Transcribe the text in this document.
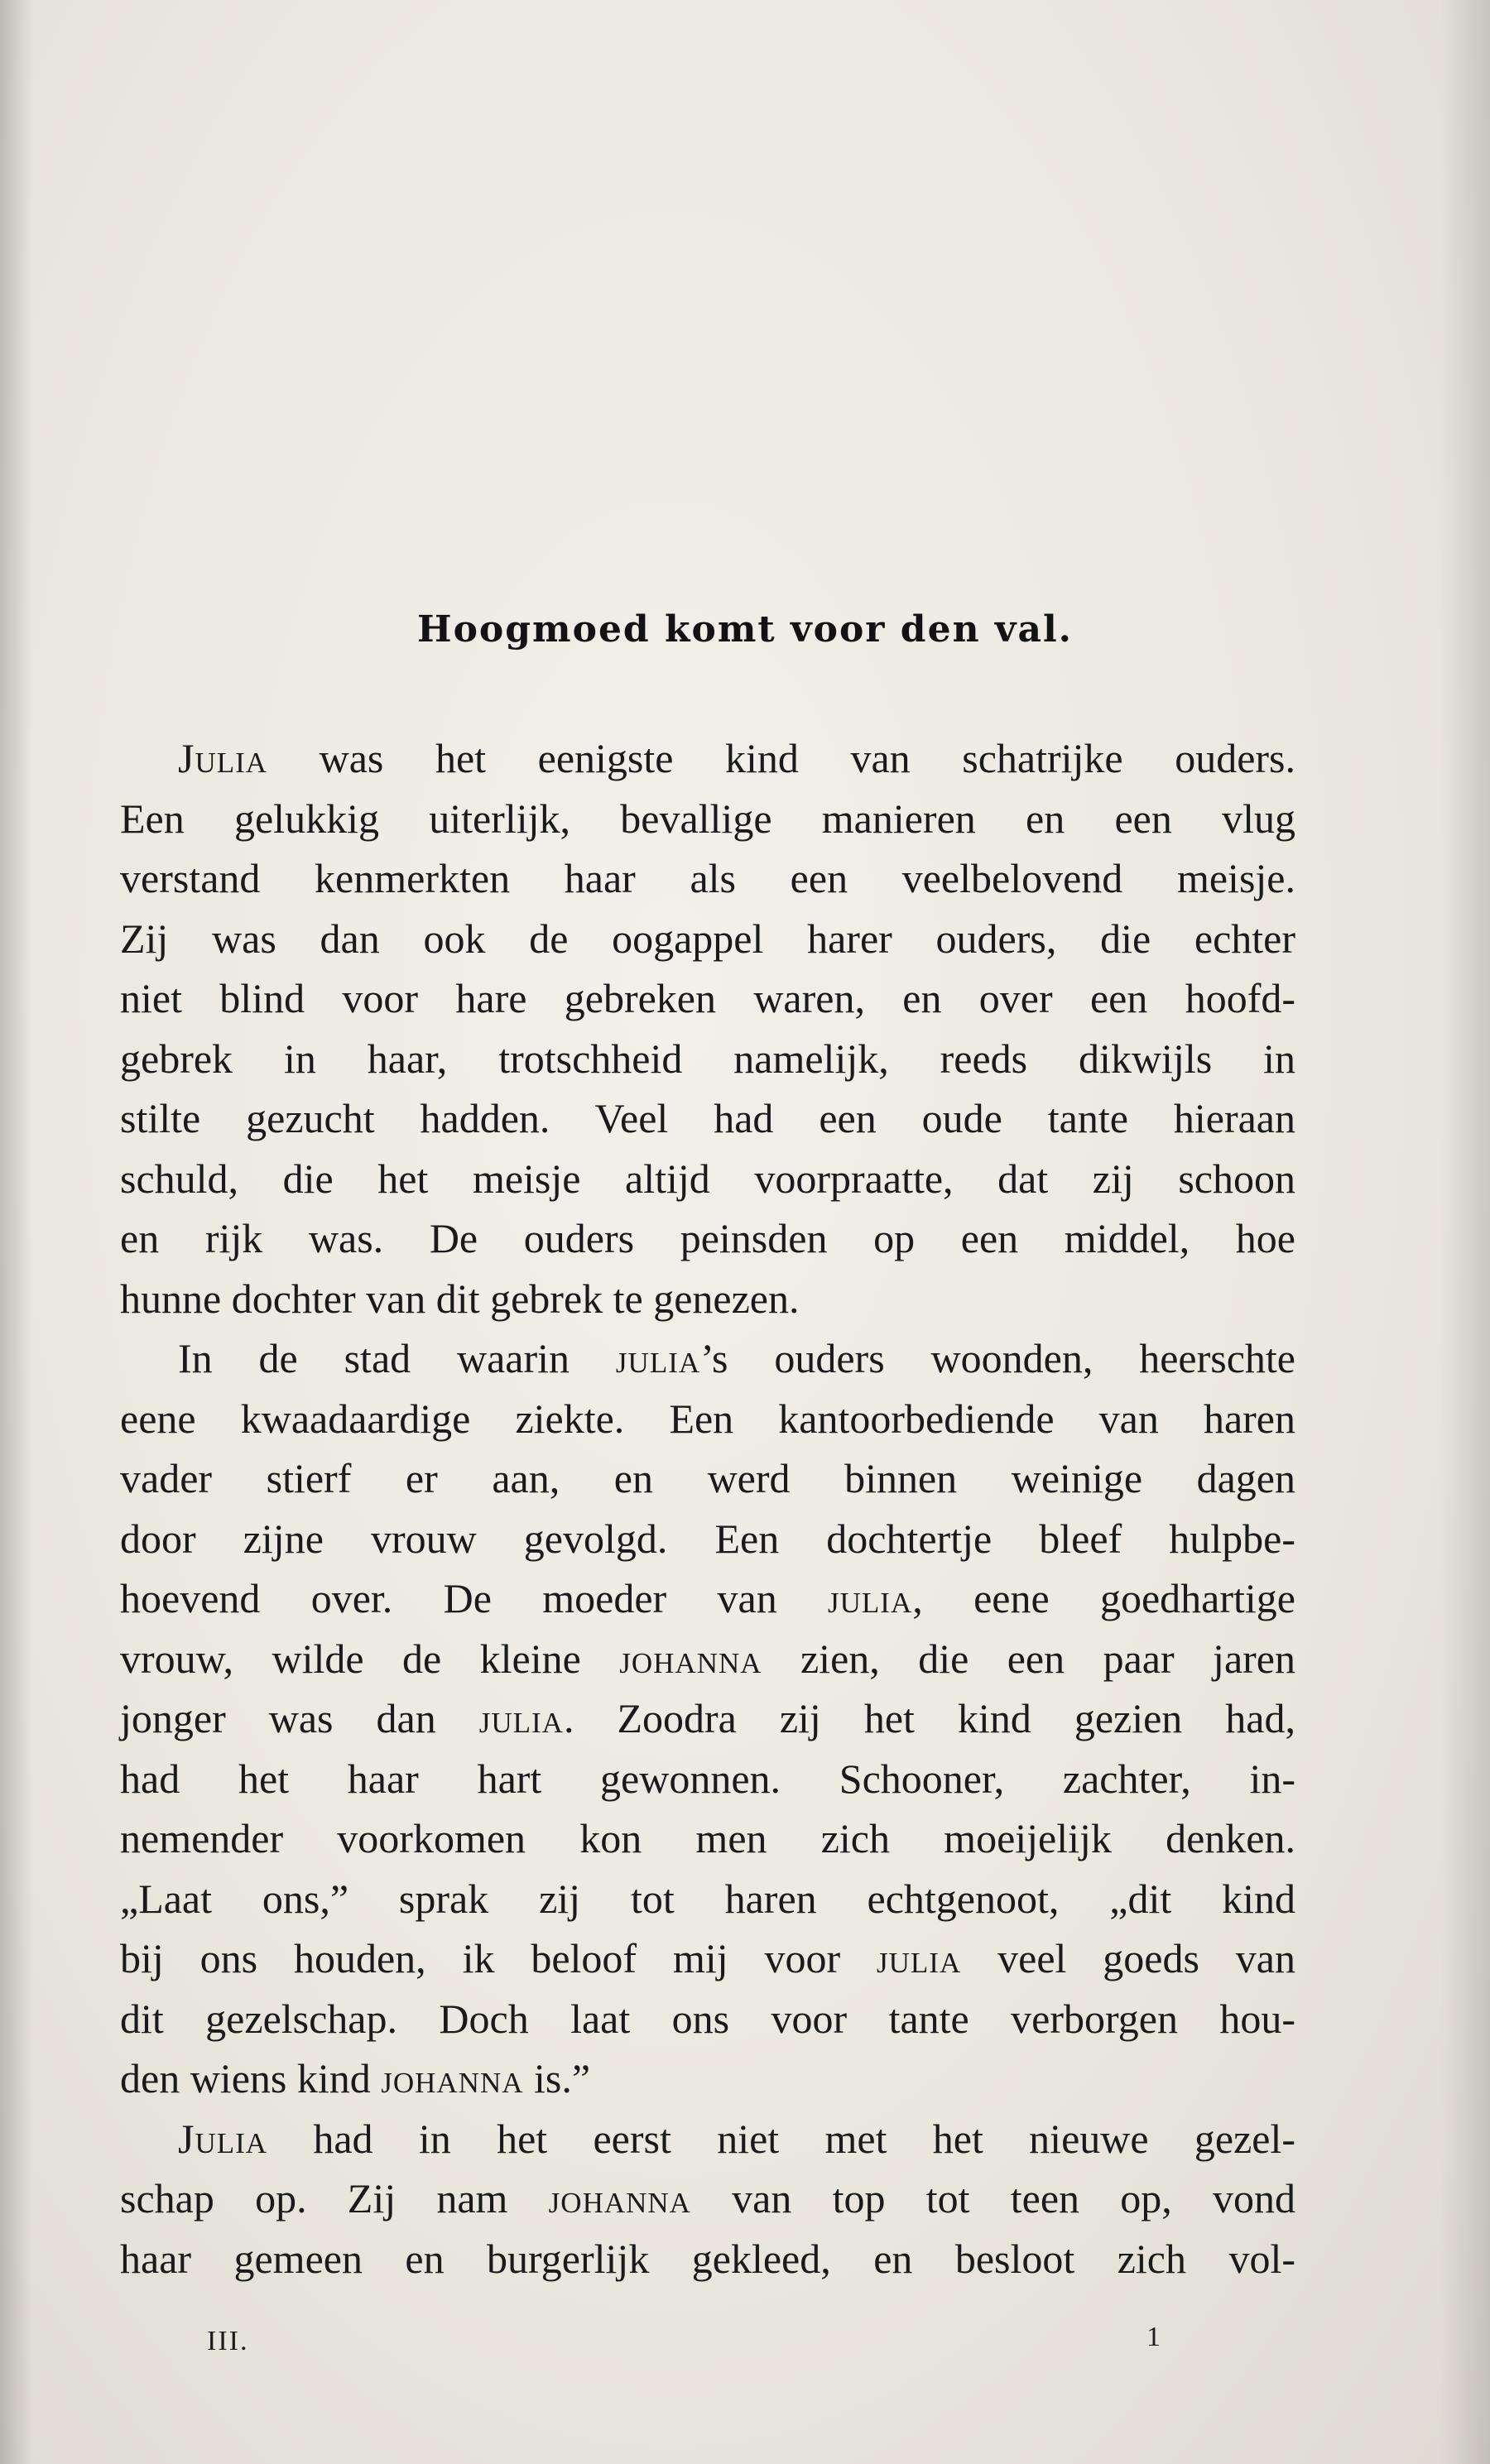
Hoogmoed komt voor den val.
Julia was het eenigste kind van schatrijke ouders.
Een gelukkig uiterlijk, bevallige manieren en een vlug
verstand kenmerkten haar als een veelbelovend meisje.
Zij was dan ook de oogappel harer ouders, die echter
niet blind voor hare gebreken waren, en over een hoofd-
gebrek in haar, trotschheid namelijk, reeds dikwijls in
stilte gezucht hadden. Veel had een oude tante hieraan
schuld, die het meisje altijd voorpraatte, dat zij schoon
en rijk was. De ouders peinsden op een middel, hoe
hunne dochter van dit gebrek te genezen.
In de stad waarin julia’s ouders woonden, heerschte
eene kwaadaardige ziekte. Een kantoorbediende van haren
vader stierf er aan, en werd binnen weinige dagen
door zijne vrouw gevolgd. Een dochtertje bleef hulpbe-
hoevend over. De moeder van julia, eene goedhartige
vrouw, wilde de kleine johanna zien, die een paar jaren
jonger was dan julia. Zoodra zij het kind gezien had,
had het haar hart gewonnen. Schooner, zachter, in-
nemender voorkomen kon men zich moeijelijk denken.
„Laat ons,” sprak zij tot haren echtgenoot, „dit kind
bij ons houden, ik beloof mij voor julia veel goeds van
dit gezelschap. Doch laat ons voor tante verborgen hou-
den wiens kind johanna is.”
Julia had in het eerst niet met het nieuwe gezel-
schap op. Zij nam johanna van top tot teen op, vond
haar gemeen en burgerlijk gekleed, en besloot zich vol-
III.	1
